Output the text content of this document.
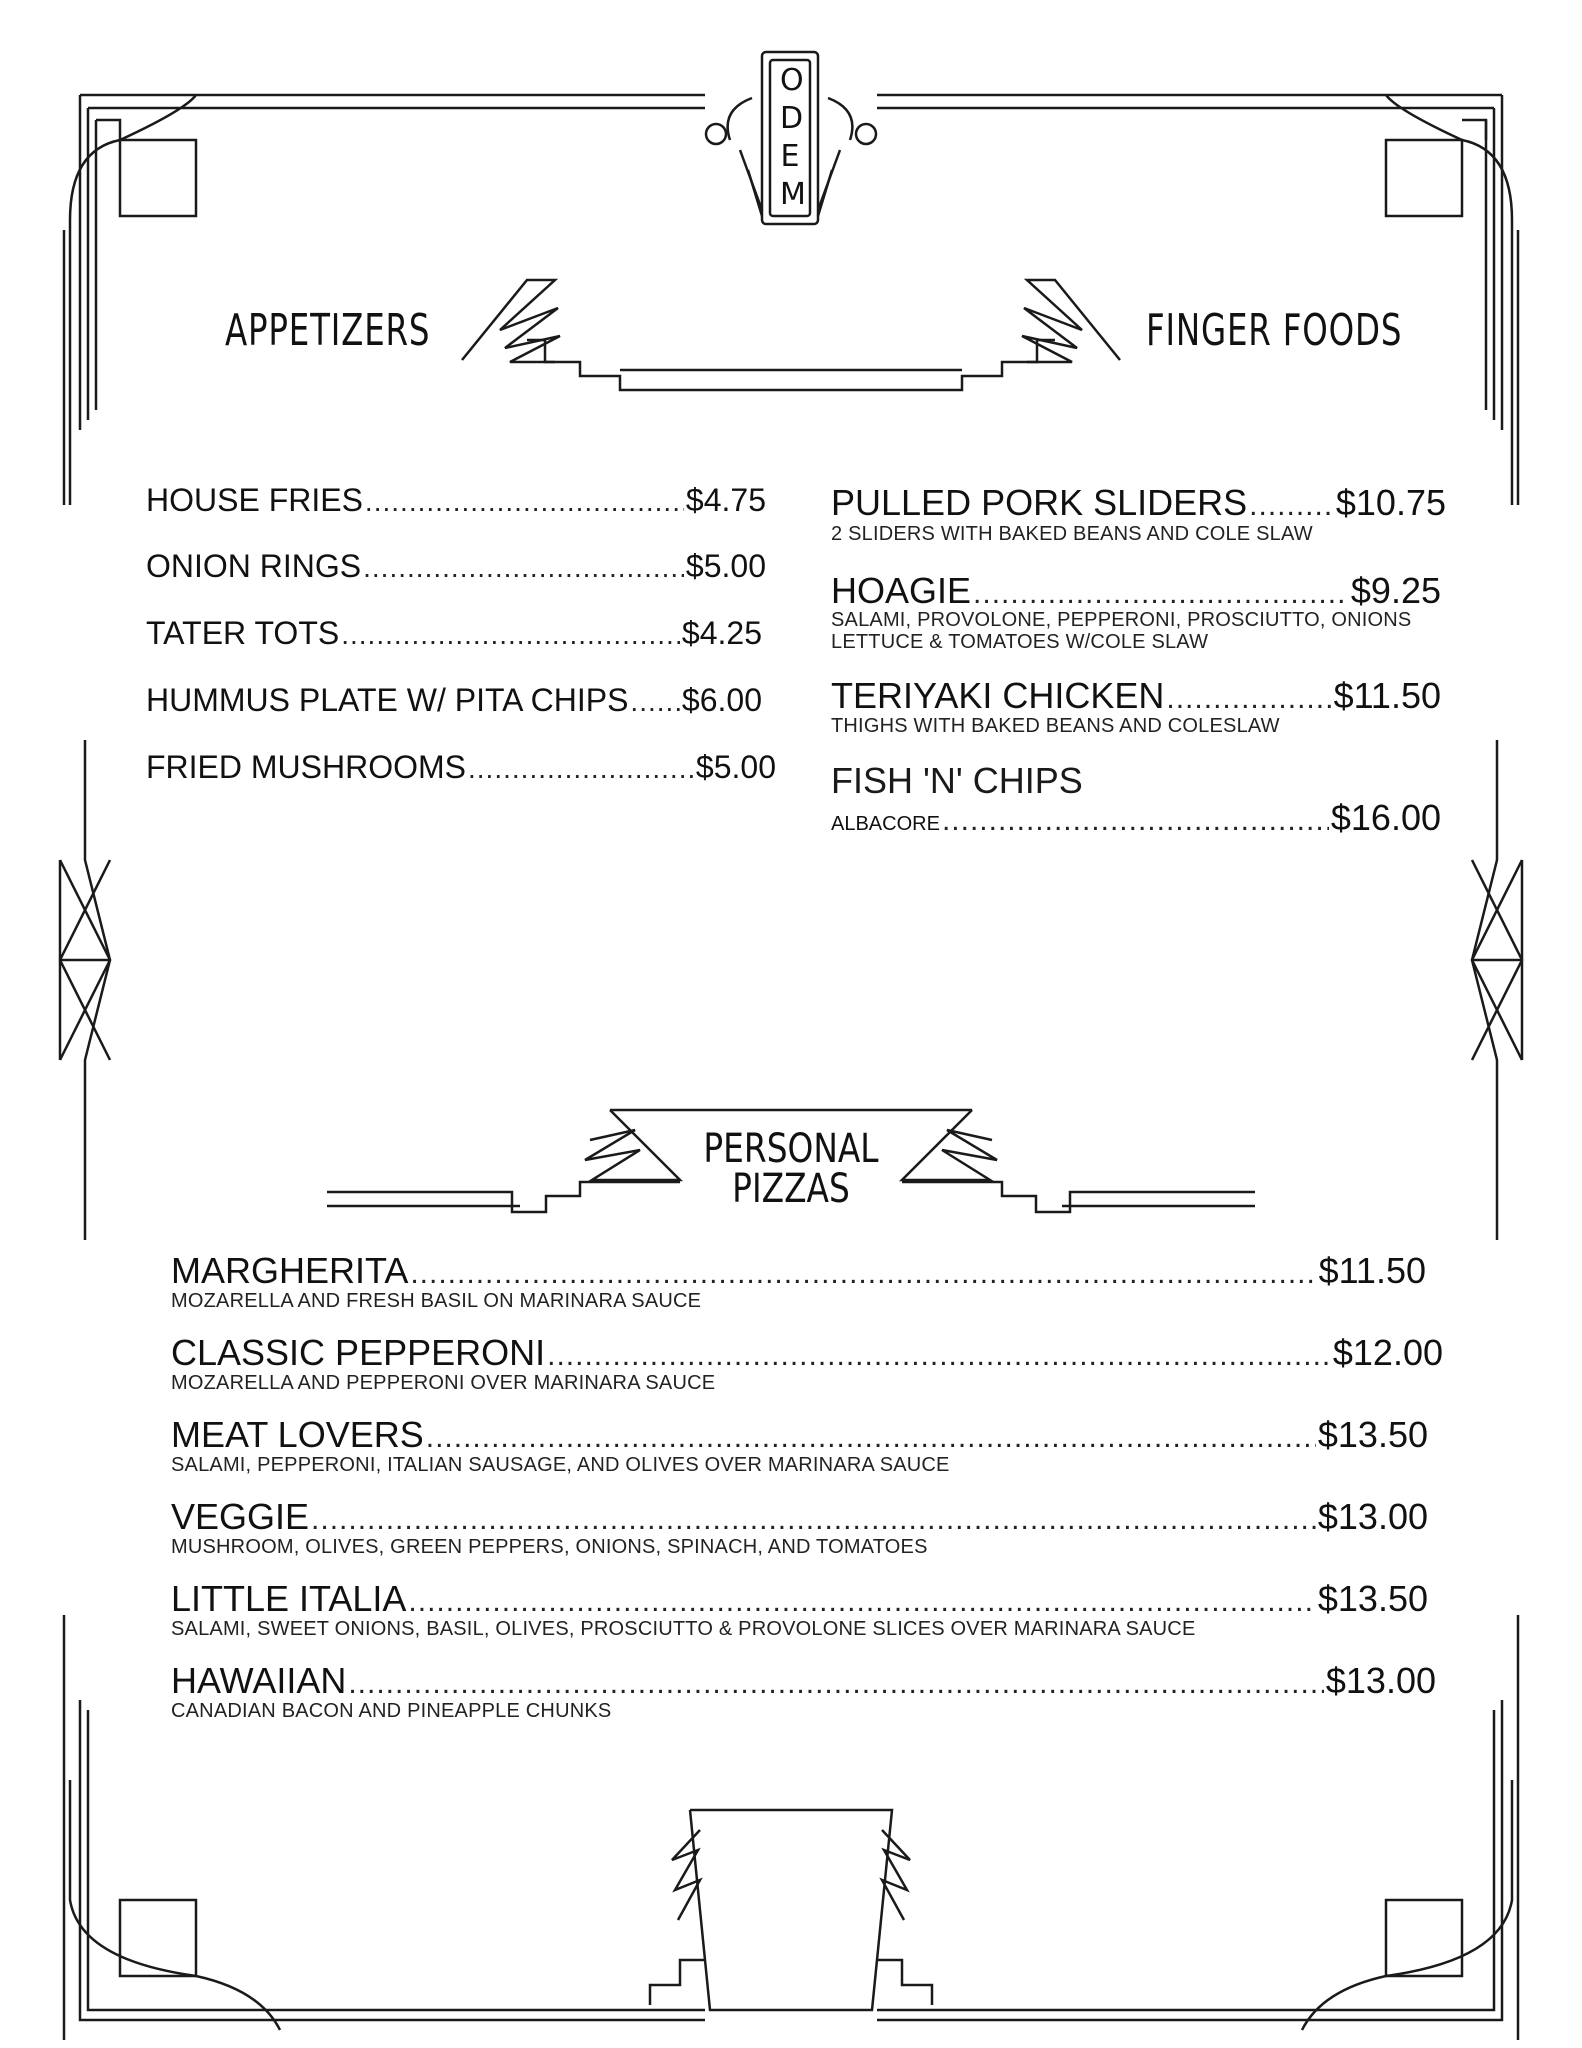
APPETIZERS	FINGER FOODS
HOUSE FRIES .....	$4.75
ONION RINGS .....	$5.00
TATER TOTS .....	$4.25
HUMMUS PLATE W/ PITA CHIPS ..... $6.00
FRIED MUSHROOMS .....	$5.00
PULLED PORK SLIDERS ..... $10.75
2 SLIDERS WITH BAKED BEANS AND COLE SLAW
HOAGIE .....	$9.25
SALAMI, PROVOLONE, PEPPERONI, PROSCIUTTO, ONIONS
LETTUCE & TOMATOES W/COLE SLAW
TERIYAKI CHICKEN .....	$11.50
THIGHS WITH BAKED BEANS AND COLESLAW
FISH 'N' CHIPS
ALBACORE .....	$16.00
PERSONAL
PIZZAS
MARGHERITA .....	$11.50
MOZARELLA AND FRESH BASIL ON MARINARA SAUCE
CLASSIC PEPPERONI .....	$12.00
MOZARELLA AND PEPPERONI OVER MARINARA SAUCE
MEAT LOVERS .....	$13.50
SALAMI, PEPPERONI, ITALIAN SAUSAGE, AND OLIVES OVER MARINARA SAUCE
VEGGIE .....	$13.00
MUSHROOM, OLIVES, GREEN PEPPERS, ONIONS, SPINACH, AND TOMATOES
LITTLE ITALIA .....	$13.50
SALAMI, SWEET ONIONS, BASIL, OLIVES, PROSCIUTTO & PROVOLONE SLICES OVER MARINARA SAUCE
HAWAIIAN .....	$13.00
CANADIAN BACON AND PINEAPPLE CHUNKS
ODEM
